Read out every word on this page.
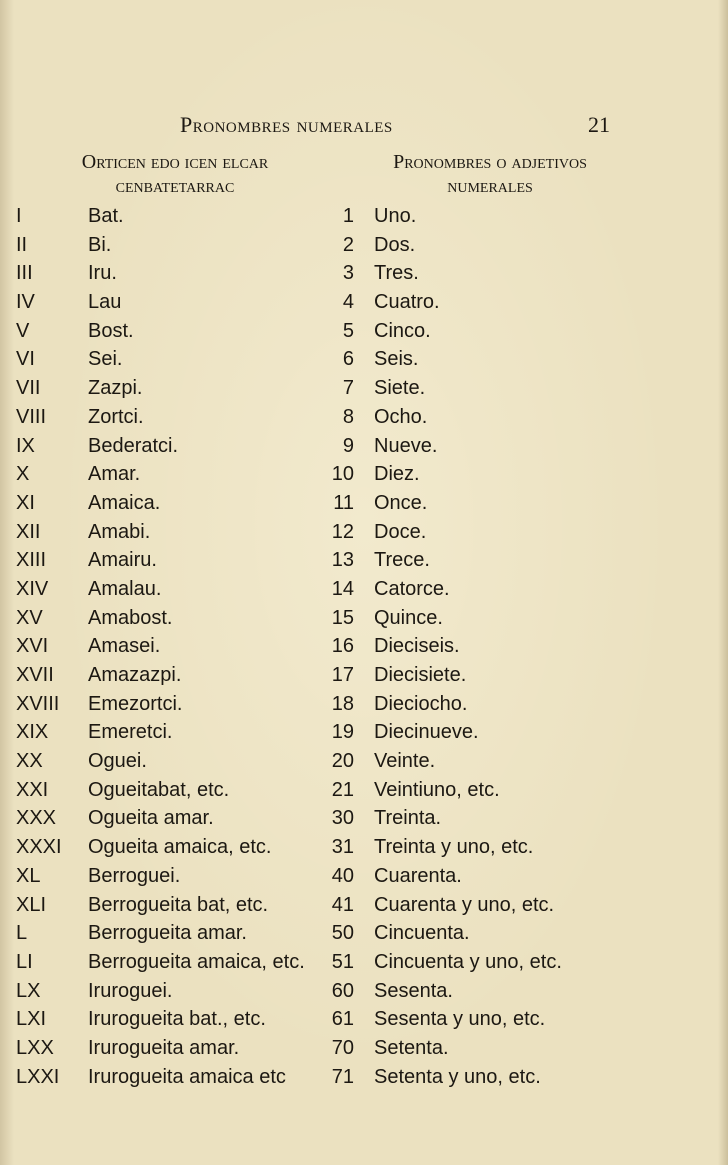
Pronombres numerales	21
Orticen edo icen elcar
cenbatetarrac
Pronombres o adjetivos
numerales
I	Bat.	1 Uno.
II	Bi.	2 Dos.
III	Iru.	3 Tres.
IV	Lau	4 Cuatro.
V	Bost.	5 Cinco.
VI	Sei.	6 Seis.
VII Zazpi.	7 Siete.
VIII Zortci.	8 Ocho.
IX	Bederatci.	9 Nueve.
X	Amar.	10 Diez.
XI	Amaica.	11 Once.
XII Amabi.	12 Doce.
XIII Amairu.	13 Trece.
XIV Amalau.	14 Catorce.
XV Amabost.	15 Quince.
XVI Amasei.	16 Dieciseis.
XVII Amazazpi.	17 Diecisiete.
XVIII Emezortci.	18 Dieciocho.
XIX Emeretci.	19 Diecinueve.
XX Oguei.	20 Veinte.
XXI Ogueitabat, etc.	21 Veintiuno, etc.
XXX Ogueita amar.	30 Treinta.
XXXI Ogueita amaica, etc.	31 Treinta y uno, etc.
XL Berroguei.	40 Cuarenta.
XLI Berrogueita bat, etc.	41 Cuarenta y uno, etc.
L	Berrogueita amar.	50 Cincuenta.
LI	Berrogueita amaica, etc.	51 Cincuenta y uno, etc.
LX Iruroguei.	60 Sesenta.
LXI Irurogueita bat., etc.	61 Sesenta y uno, etc.
LXX Irurogueita amar.	70 Setenta.
LXXI Irurogueita amaica etc	71 Setenta y uno, etc.
